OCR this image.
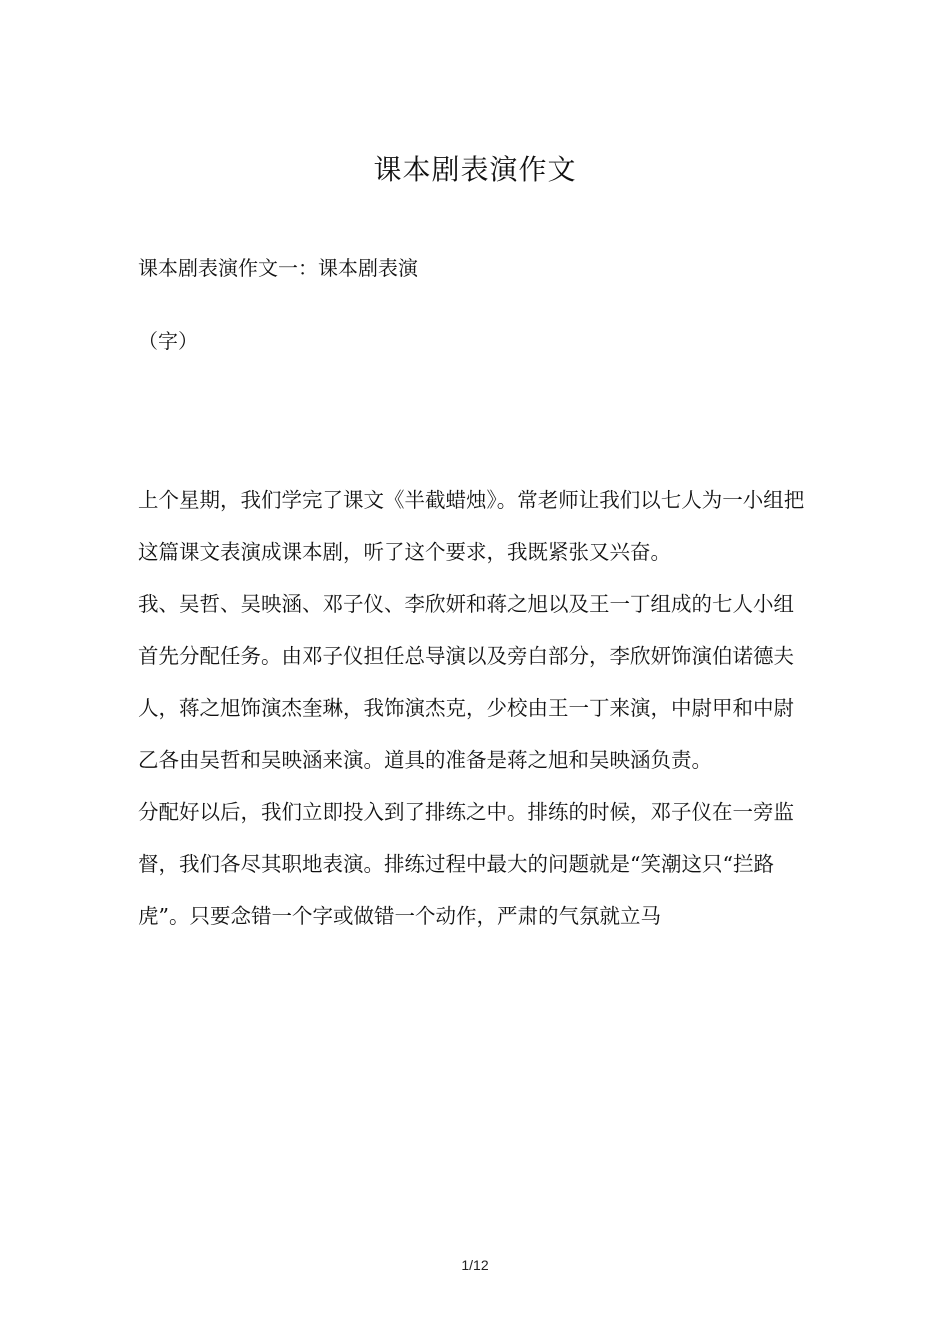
课本剧表演作文
课本剧表演作文一：课本剧表演
（字）

上个星期，我们学完了课文《半截蜡烛》。常老师让我们以七人为一小组把这篇课文表演成课本剧，听了这个要求，我既紧张又兴奋。

我、吴哲、吴映涵、邓子仪、李欣妍和蒋之旭以及王一丁组成的七人小组首先分配任务。由邓子仪担任总导演以及旁白部分，李欣妍饰演伯诺德夫人，蒋之旭饰演杰奎琳，我饰演杰克，少校由王一丁来演，中尉甲和中尉乙各由吴哲和吴映涵来演。道具的准备是蒋之旭和吴映涵负责。

分配好以后，我们立即投入到了排练之中。排练的时候，邓子仪在一旁监督，我们各尽其职地表演。排练过程中最大的问题就是“笑潮这只“拦路虎”。只要念错一个字或做错一个动作，严肃的气氛就立马

1/12
